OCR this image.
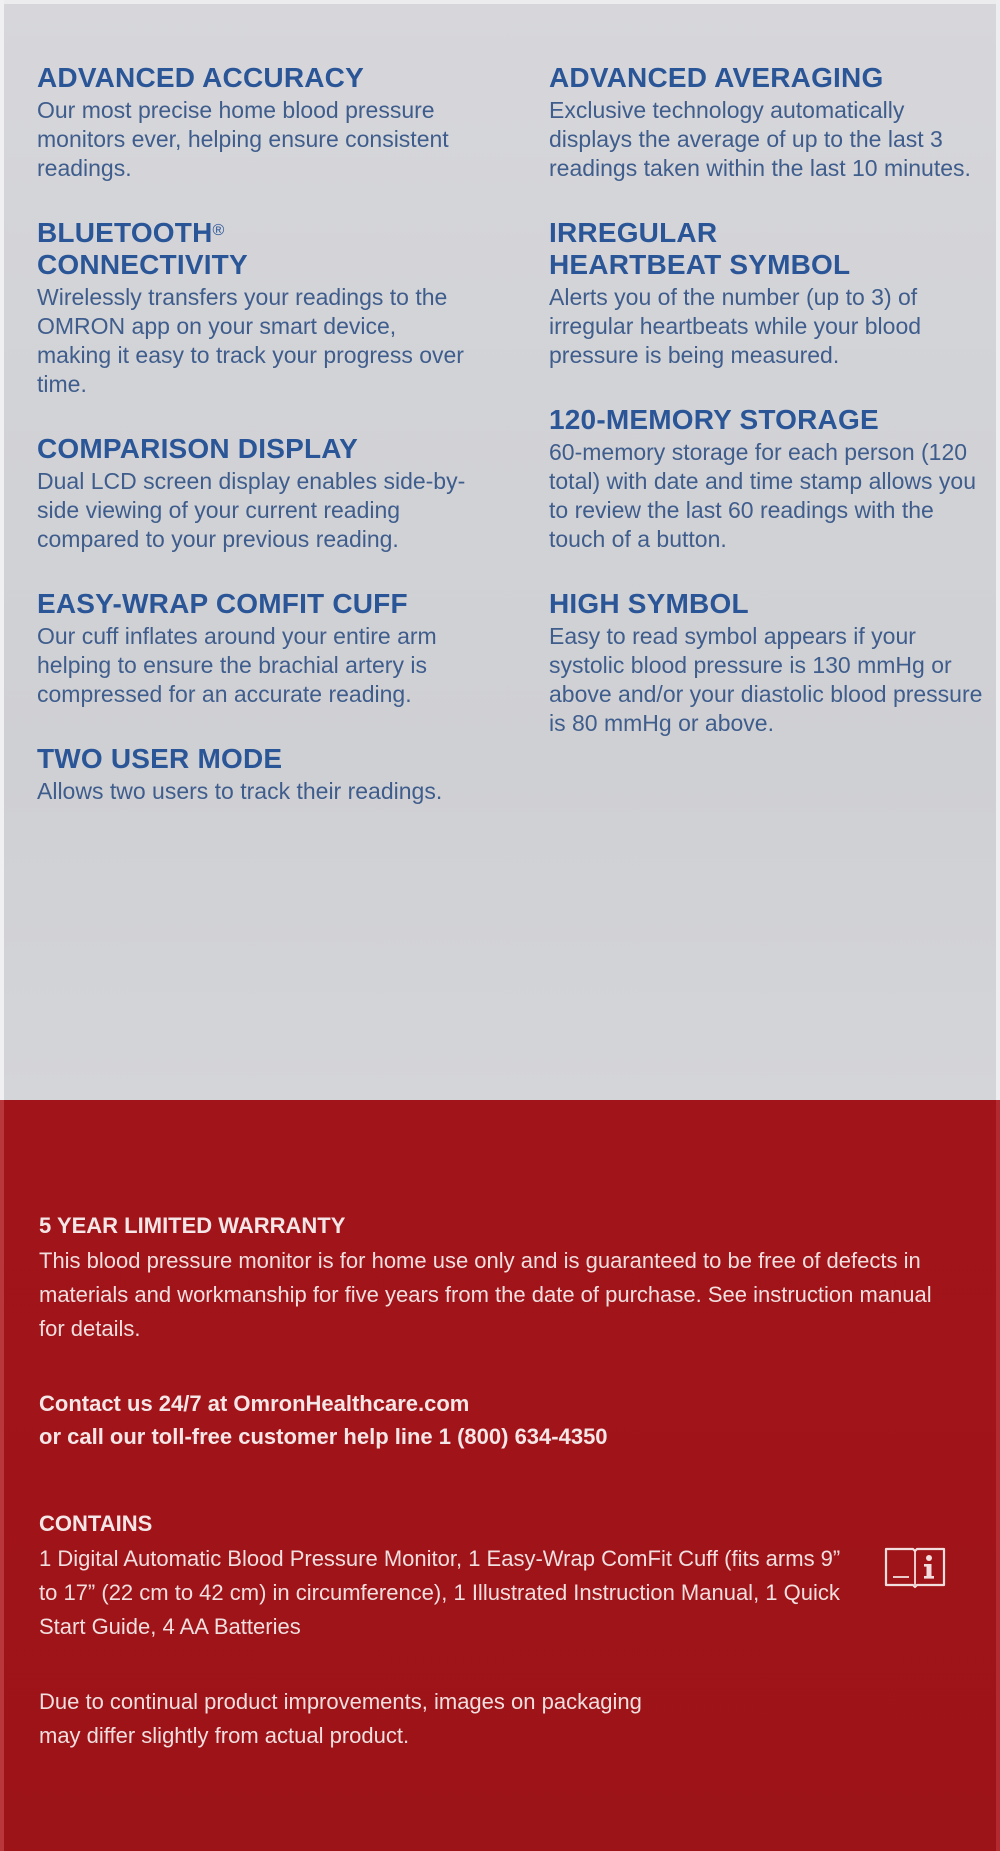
ADVANCED ACCURACY

Our most precise home blood pressure monitors ever, helping ensure consistent readings.

BLUETOOTH®
CONNECTIVITY

Wirelessly transfers your readings to the OMRON app on your smart device, making it easy to track your progress over time.

COMPARISON DISPLAY

Dual LCD screen display enables side-by-side viewing of your current reading compared to your previous reading.

EASY-WRAP COMFIT CUFF

Our cuff inflates around your entire arm helping to ensure the brachial artery is compressed for an accurate reading.

TWO USER MODE

Allows two users to track their readings.

ADVANCED AVERAGING

Exclusive technology automatically displays the average of up to the last 3 readings taken within the last 10 minutes.

IRREGULAR
HEARTBEAT SYMBOL

Alerts you of the number (up to 3) of irregular heartbeats while your blood pressure is being measured.

120-MEMORY STORAGE

60-memory storage for each person (120 total) with date and time stamp allows you to review the last 60 readings with the touch of a button.

HIGH SYMBOL

Easy to read symbol appears if your systolic blood pressure is 130 mmHg or above and/or your diastolic blood pressure is 80 mmHg or above.

5 YEAR LIMITED WARRANTY

This blood pressure monitor is for home use only and is guaranteed to be free of defects in materials and workmanship for five years from the date of purchase. See instruction manual for details.

Contact us 24/7 at OmronHealthcare.com

or call our toll-free customer help line 1 (800) 634-4350

CONTAINS

1 Digital Automatic Blood Pressure Monitor, 1 Easy-Wrap ComFit Cuff (fits arms 9” to 17” (22 cm to 42 cm) in circumference), 1 Illustrated Instruction Manual, 1 Quick Start Guide, 4 AA Batteries

Due to continual product improvements, images on packaging may differ slightly from actual product.
